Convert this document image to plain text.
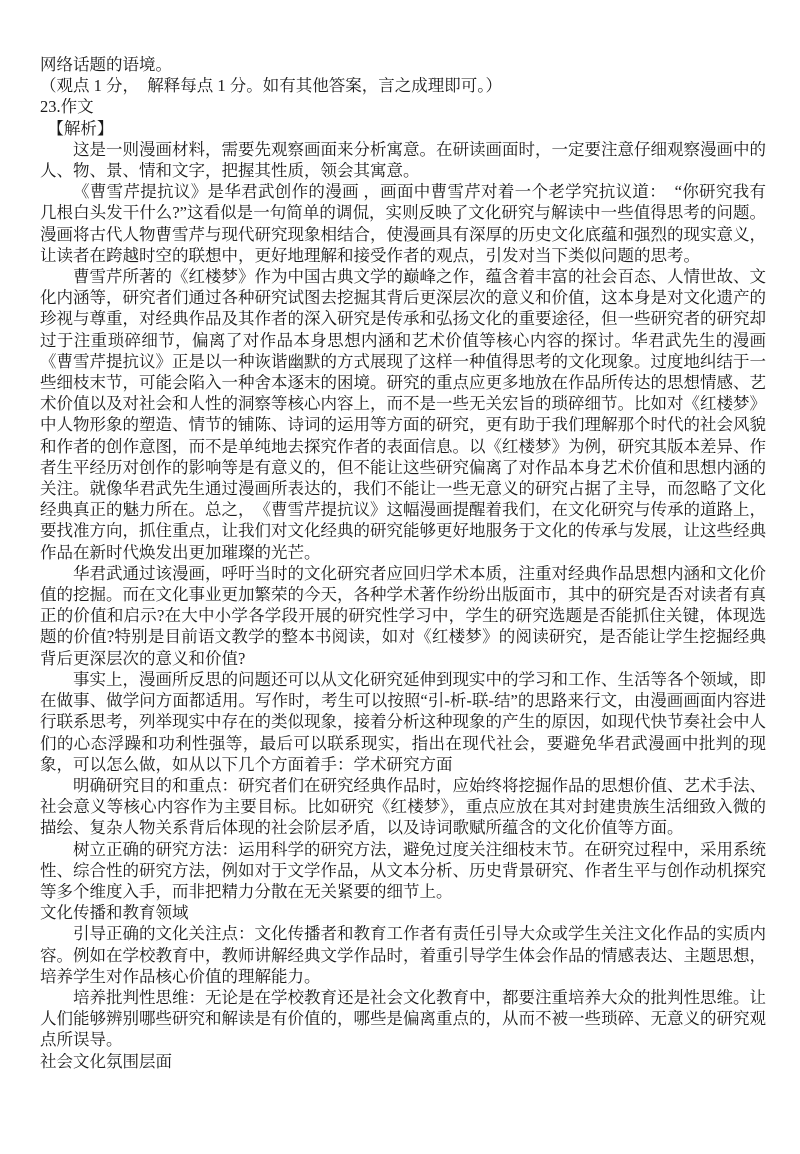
网络话题的语境。

（观点 1 分，　解释每点 1 分。如有其他答案，言之成理即可。）

23.作文

【解析】

这是一则漫画材料，需要先观察画面来分析寓意。在研读画面时，一定要注意仔细观察漫画中的人、物、景、情和文字，把握其性质，领会其寓意。

《曹雪芹提抗议》是华君武创作的漫画 ，画面中曹雪芹对着一个老学究抗议道：　“你研究我有几根白头发干什么?”这看似是一句简单的调侃，实则反映了文化研究与解读中一些值得思考的问题。漫画将古代人物曹雪芹与现代研究现象相结合，使漫画具有深厚的历史文化底蕴和强烈的现实意义，让读者在跨越时空的联想中，更好地理解和接受作者的观点，引发对当下类似问题的思考。

曹雪芹所著的《红楼梦》作为中国古典文学的巅峰之作，蕴含着丰富的社会百态、人情世故、文化内涵等，研究者们通过各种研究试图去挖掘其背后更深层次的意义和价值，这本身是对文化遗产的珍视与尊重，对经典作品及其作者的深入研究是传承和弘扬文化的重要途径，但一些研究者的研究却过于注重琐碎细节，偏离了对作品本身思想内涵和艺术价值等核心内容的探讨。华君武先生的漫画《曹雪芹提抗议》正是以一种诙谐幽默的方式展现了这样一种值得思考的文化现象。过度地纠结于一些细枝末节，可能会陷入一种舍本逐末的困境。研究的重点应更多地放在作品所传达的思想情感、艺术价值以及对社会和人性的洞察等核心内容上，而不是一些无关宏旨的琐碎细节。比如对《红楼梦》中人物形象的塑造、情节的铺陈、诗词的运用等方面的研究，更有助于我们理解那个时代的社会风貌和作者的创作意图，而不是单纯地去探究作者的表面信息。以《红楼梦》为例，研究其版本差异、作者生平经历对创作的影响等是有意义的，但不能让这些研究偏离了对作品本身艺术价值和思想内涵的关注。就像华君武先生通过漫画所表达的，我们不能让一些无意义的研究占据了主导，而忽略了文化经典真正的魅力所在。总之，　《曹雪芹提抗议》这幅漫画提醒着我们，在文化研究与传承的道路上，要找准方向，抓住重点，让我们对文化经典的研究能够更好地服务于文化的传承与发展，让这些经典作品在新时代焕发出更加璀璨的光芒。

华君武通过该漫画，呼吁当时的文化研究者应回归学术本质，注重对经典作品思想内涵和文化价值的挖掘。而在文化事业更加繁荣的今天，各种学术著作纷纷出版面市，其中的研究是否对读者有真正的价值和启示?在大中小学各学段开展的研究性学习中，学生的研究选题是否能抓住关键，体现选题的价值?特别是目前语文教学的整本书阅读，如对《红楼梦》的阅读研究，是否能让学生挖掘经典背后更深层次的意义和价值?

事实上，漫画所反思的问题还可以从文化研究延伸到现实中的学习和工作、生活等各个领域，即在做事、做学问方面都适用。写作时，考生可以按照“引-析-联-结”的思路来行文，由漫画画面内容进行联系思考，列举现实中存在的类似现象，接着分析这种现象的产生的原因，如现代快节奏社会中人们的心态浮躁和功利性强等，最后可以联系现实，指出在现代社会，要避免华君武漫画中批判的现象，可以怎么做，如从以下几个方面着手：学术研究方面

明确研究目的和重点：研究者们在研究经典作品时，应始终将挖掘作品的思想价值、艺术手法、社会意义等核心内容作为主要目标。比如研究《红楼梦》，重点应放在其对封建贵族生活细致入微的描绘、复杂人物关系背后体现的社会阶层矛盾，以及诗词歌赋所蕴含的文化价值等方面。

树立正确的研究方法：运用科学的研究方法，避免过度关注细枝末节。在研究过程中，采用系统性、综合性的研究方法，例如对于文学作品，从文本分析、历史背景研究、作者生平与创作动机探究等多个维度入手，而非把精力分散在无关紧要的细节上。

文化传播和教育领域

引导正确的文化关注点：文化传播者和教育工作者有责任引导大众或学生关注文化作品的实质内容。例如在学校教育中，教师讲解经典文学作品时，着重引导学生体会作品的情感表达、主题思想，培养学生对作品核心价值的理解能力。

培养批判性思维：无论是在学校教育还是社会文化教育中，都要注重培养大众的批判性思维。让人们能够辨别哪些研究和解读是有价值的，哪些是偏离重点的，从而不被一些琐碎、无意义的研究观点所误导。

社会文化氛围层面
